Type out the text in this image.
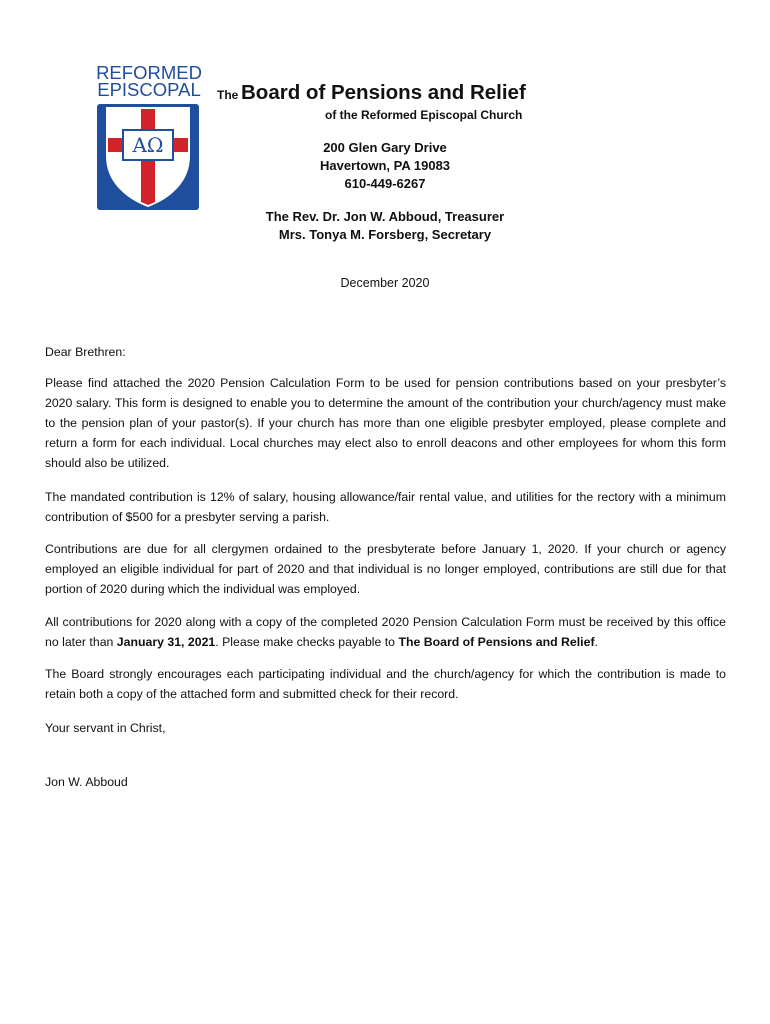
REFORMED
EPISCOPAL
AΩ
The Board of Pensions and Relief
of the Reformed Episcopal Church
200 Glen Gary Drive
Havertown, PA 19083
610-449-6267
The Rev. Dr. Jon W. Abboud, Treasurer
Mrs. Tonya M. Forsberg, Secretary
December 2020

Dear Brethren:

Please find attached the 2020 Pension Calculation Form to be used for pension contributions based on your presbyter’s 2020 salary. This form is designed to enable you to determine the amount of the contribution your church/agency must make to the pension plan of your pastor(s). If your church has more than one eligible presbyter employed, please complete and return a form for each individual. Local churches may elect also to enroll deacons and other employees for whom this form should also be utilized.

The mandated contribution is 12% of salary, housing allowance/fair rental value, and utilities for the rectory with a minimum contribution of $500 for a presbyter serving a parish.

Contributions are due for all clergymen ordained to the presbyterate before January 1, 2020. If your church or agency employed an eligible individual for part of 2020 and that individual is no longer employed, contributions are still due for that portion of 2020 during which the individual was employed.

All contributions for 2020 along with a copy of the completed 2020 Pension Calculation Form must be received by this office no later than January 31, 2021. Please make checks payable to The Board of Pensions and Relief.

The Board strongly encourages each participating individual and the church/agency for which the contribution is made to retain both a copy of the attached form and submitted check for their record.

Your servant in Christ,

Jon W. Abboud
